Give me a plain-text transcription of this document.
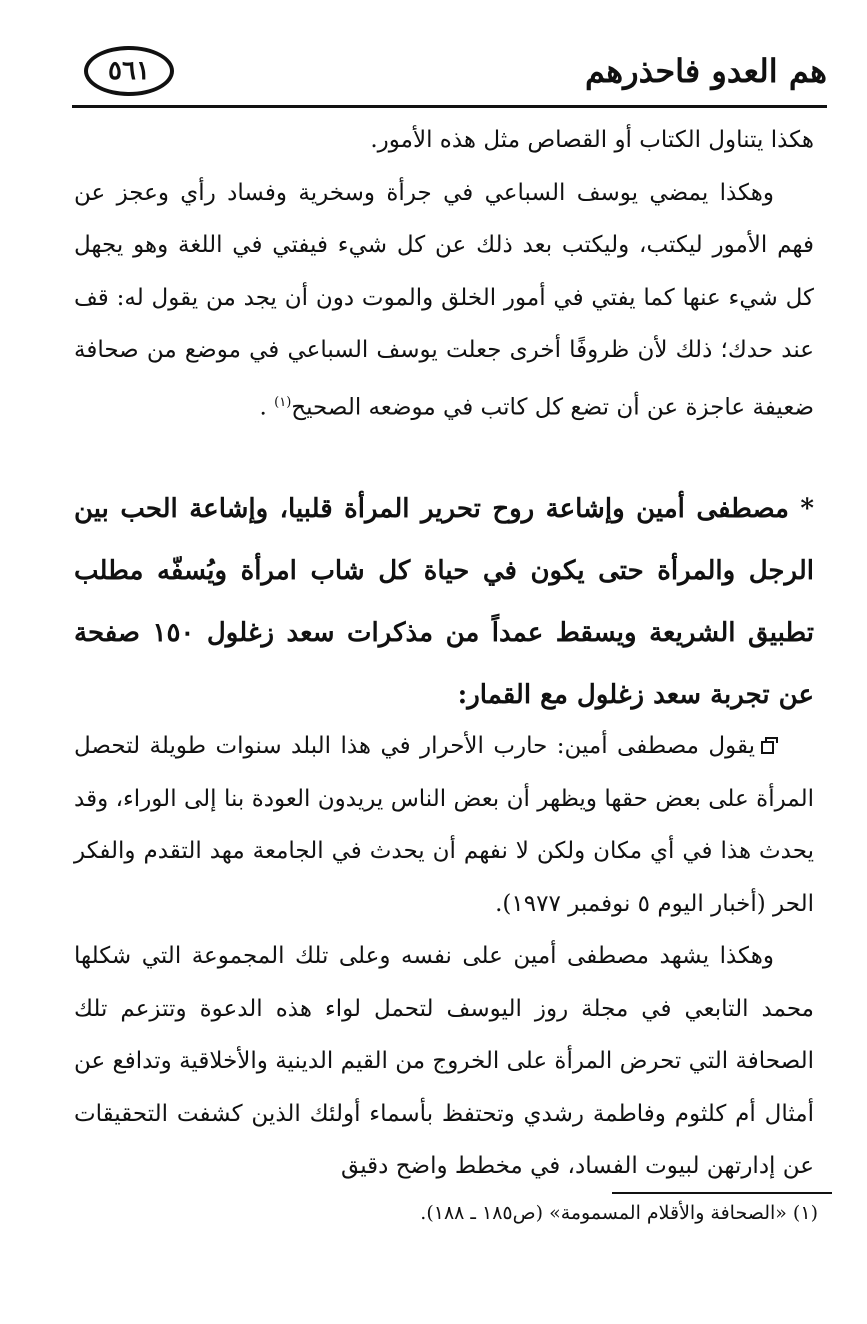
هم العدو فاحذرهم
٥٦١

هكذا يتناول الكتاب أو القصاص مثل هذه الأمور.

وهكذا يمضي يوسف السباعي في جرأة وسخرية وفساد رأي وعجز عن فهم الأمور ليكتب، وليكتب بعد ذلك عن كل شيء فيفتي في اللغة وهو يجهل كل شيء عنها كما يفتي في أمور الخلق والموت دون أن يجد من يقول له: قف عند حدك؛ ذلك لأن ظروفًا أخرى جعلت يوسف السباعي في موضع من صحافة ضعيفة عاجزة عن أن تضع كل كاتب في موضعه الصحيح$^{(١)}$ .

* مصطفى أمين وإشاعة روح تحرير المرأة قلبيا، وإشاعة الحب بين الرجل والمرأة حتى يكون في حياة كل شاب امرأة ويُسفّه مطلب تطبيق الشريعة ويسقط عمداً من مذكرات سعد زغلول ١٥٠ صفحة عن تجربة سعد زغلول مع القمار:

يقول مصطفى أمين: حارب الأحرار في هذا البلد سنوات طويلة لتحصل المرأة على بعض حقها ويظهر أن بعض الناس يريدون العودة بنا إلى الوراء، وقد يحدث هذا في أي مكان ولكن لا نفهم أن يحدث في الجامعة مهد التقدم والفكر الحر (أخبار اليوم ٥ نوفمبر ١٩٧٧).

وهكذا يشهد مصطفى أمين على نفسه وعلى تلك المجموعة التي شكلها محمد التابعي في مجلة روز اليوسف لتحمل لواء هذه الدعوة وتتزعم تلك الصحافة التي تحرض المرأة على الخروج من القيم الدينية والأخلاقية وتدافع عن أمثال أم كلثوم وفاطمة رشدي وتحتفظ بأسماء أولئك الذين كشفت التحقيقات عن إدارتهن لبيوت الفساد، في مخطط واضح دقيق

(١) «الصحافة والأقلام المسمومة» (ص١٨٥ ـ ١٨٨).
